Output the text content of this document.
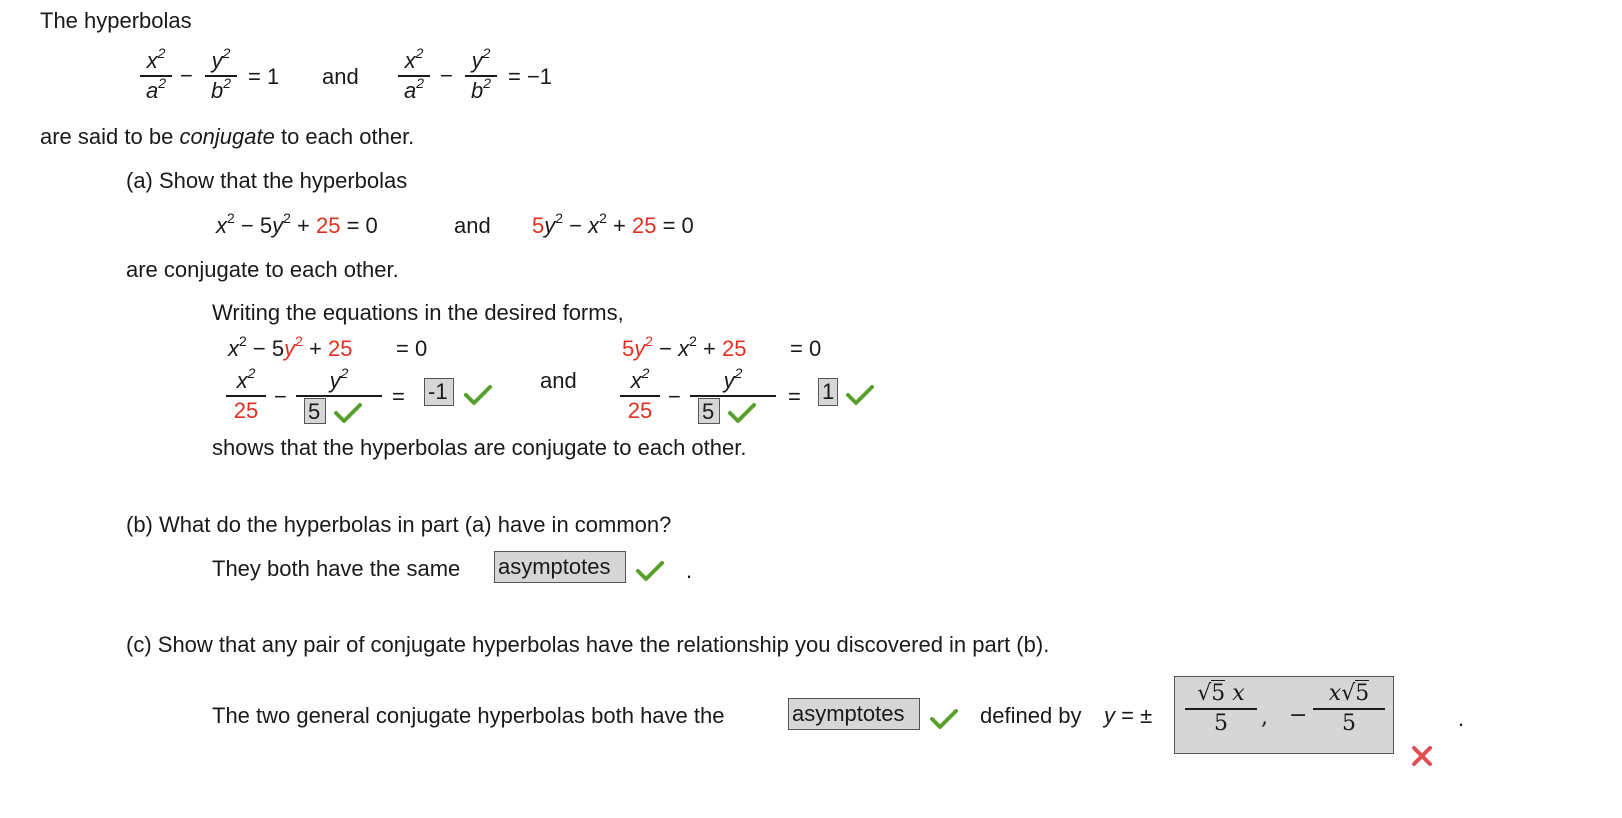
The hyperbolas
$x^2$
$a^2$ −
$y^2$
$b^2 = 1$ and
$x^2$
$a^2$ −
$y^2$
$b^2 = -1$
are said to be conjugate to each other.
(a) Show that the hyperbolas
$x^2 - 5y^2 + 25 = 0$	and $5y^2 - x^2 + 25 = 0$
are conjugate to each other.
Writing the equations in the desired forms,
$x^2 - 5y^2 + 25 = 0$
$x^2$
25
−
$y^2$
5
= -1	and
$5y^2 - x^2 + 25 = 0$
$x^2$
25
−
$y^2$
5
= 1
shows that the hyperbolas are conjugate to each other.
(b) What do the hyperbolas in part (a) have in common?
They both have the same asymptotes	.
(c) Show that any pair of conjugate hyperbolas have the relationship you discovered in part (b).
The two general conjugate hyperbolas both have the	asymptotes	defined by y = ±
√5 x
5	, −
x√5
5	.
